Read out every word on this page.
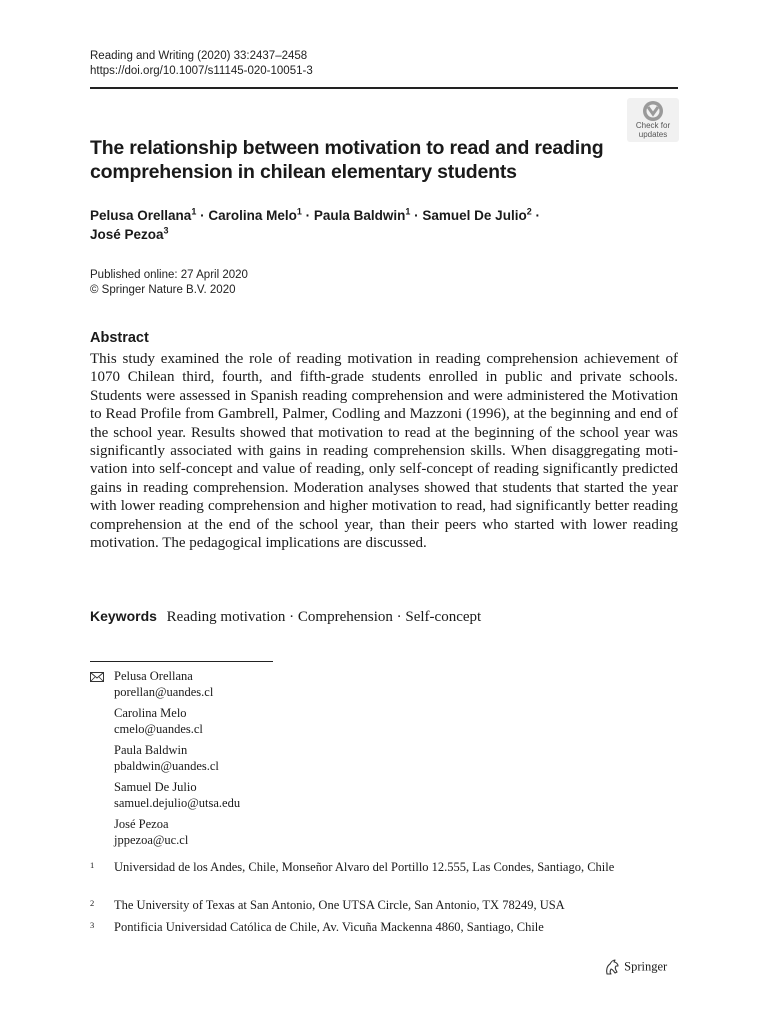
Reading and Writing (2020) 33:2437–2458
https://doi.org/10.1007/s11145-020-10051-3
Check for
updates
The relationship between motivation to read and reading comprehension in chilean elementary students
Pelusa Orellana$^1$ · Carolina Melo$^1$ · Paula Baldwin$^1$ · Samuel De Julio$^2$ ·
José Pezoa$^3$
Published online: 27 April 2020
© Springer Nature B.V. 2020
Abstract
This study examined the role of reading motivation in reading comprehension achievement of 1070 Chilean third, fourth, and fifth-grade students enrolled in public and private schools. Students were assessed in Spanish reading comprehension and were administered the Motivation to Read Profile from Gambrell, Palmer, Codling and Mazzoni (1996), at the beginning and end of the school year. Results showed that motivation to read at the beginning of the school year was significantly associated with gains in reading comprehension skills. When disaggregating motivation into self-concept and value of reading, only self-concept of reading significantly predicted gains in reading comprehension. Moderation analyses showed that students that started the year with lower reading comprehension and higher motivation to read, had significantly better reading comprehension at the end of the school year, than their peers who started with lower reading motivation. The pedagogical implications are discussed.
Keywords Reading motivation · Comprehension · Self-concept
Pelusa Orellana
porellan@uandes.cl
Carolina Melo
cmelo@uandes.cl
Paula Baldwin
pbaldwin@uandes.cl
Samuel De Julio
samuel.dejulio@utsa.edu
José Pezoa
jppezoa@uc.cl
1 Universidad de los Andes, Chile, Monseñor Alvaro del Portillo 12.555, Las Condes, Santiago, Chile
2 The University of Texas at San Antonio, One UTSA Circle, San Antonio, TX 78249, USA
3 Pontificia Universidad Católica de Chile, Av. Vicuña Mackenna 4860, Santiago, Chile
Springer
